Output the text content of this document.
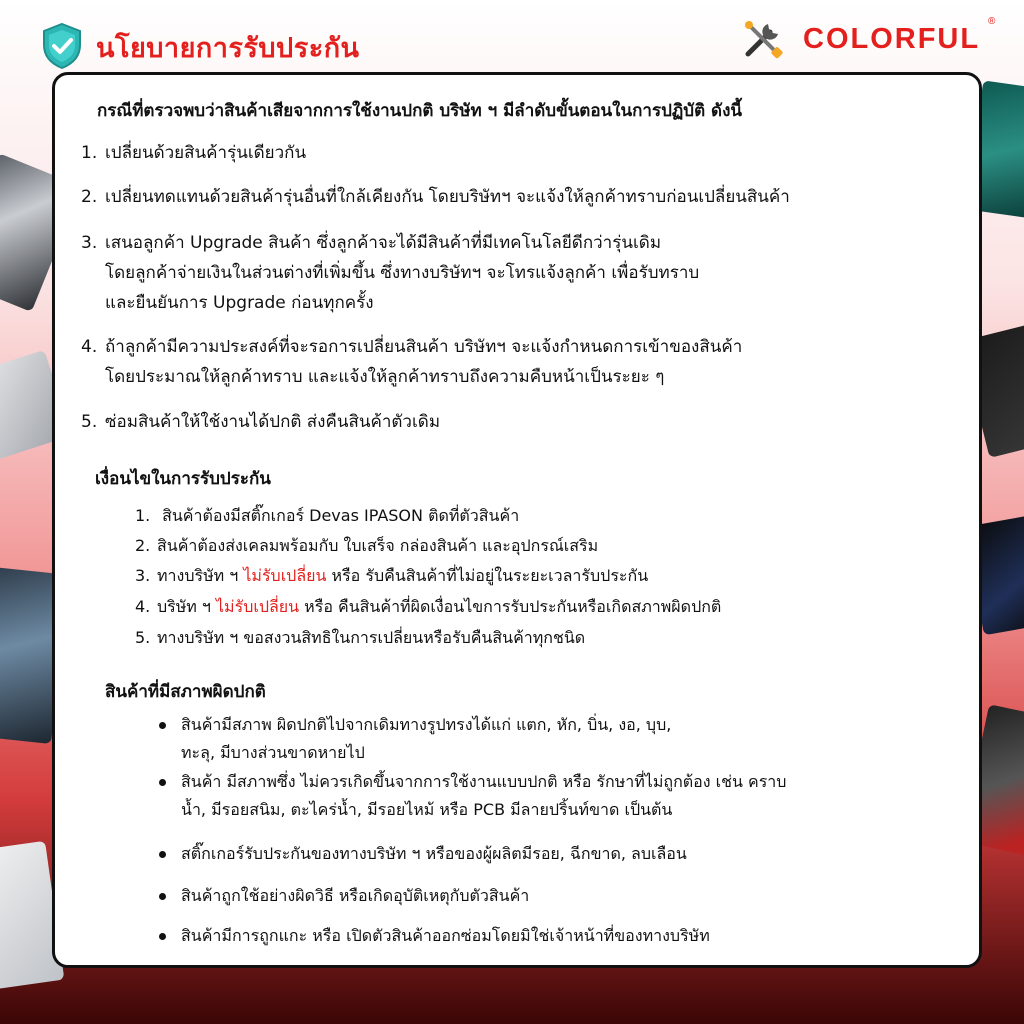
นโยบายการรับประกัน	COLORFUL
®
กรณีที่ตรวจพบว่าสินค้าเสียจากการใช้งานปกติ บริษัท ฯ มีลำดับขั้นตอนในการปฏิบัติ ดังนี้
1. เปลี่ยนด้วยสินค้ารุ่นเดียวกัน
2. เปลี่ยนทดแทนด้วยสินค้ารุ่นอื่นที่ใกล้เคียงกัน โดยบริษัทฯ จะแจ้งให้ลูกค้าทราบก่อนเปลี่ยนสินค้า
3. เสนอลูกค้า Upgrade สินค้า ซึ่งลูกค้าจะได้มีสินค้าที่มีเทคโนโลยีดีกว่ารุ่นเดิม
โดยลูกค้าจ่ายเงินในส่วนต่างที่เพิ่มขึ้น ซึ่งทางบริษัทฯ จะโทรแจ้งลูกค้า เพื่อรับทราบ
และยืนยันการ Upgrade ก่อนทุกครั้ง
4. ถ้าลูกค้ามีความประสงค์ที่จะรอการเปลี่ยนสินค้า บริษัทฯ จะแจ้งกำหนดการเข้าของสินค้า
โดยประมาณให้ลูกค้าทราบ และแจ้งให้ลูกค้าทราบถึงความคืบหน้าเป็นระยะ ๆ
5. ซ่อมสินค้าให้ใช้งานได้ปกติ ส่งคืนสินค้าตัวเดิม
เงื่อนไขในการรับประกัน
1. สินค้าต้องมีสติ๊กเกอร์ Devas IPASON ติดที่ตัวสินค้า
2. สินค้าต้องส่งเคลมพร้อมกับ ใบเสร็จ กล่องสินค้า และอุปกรณ์เสริม
3. ทางบริษัท ฯ ไม่รับเปลี่ยน หรือ รับคืนสินค้าที่ไม่อยู่ในระยะเวลารับประกัน
4. บริษัท ฯ ไม่รับเปลี่ยน หรือ คืนสินค้าที่ผิดเงื่อนไขการรับประกันหรือเกิดสภาพผิดปกติ
5. ทางบริษัท ฯ ขอสงวนสิทธิในการเปลี่ยนหรือรับคืนสินค้าทุกชนิด
สินค้าที่มีสภาพผิดปกติ
สินค้ามีสภาพ ผิดปกติไปจากเดิมทางรูปทรงได้แก่ แตก, หัก, บิ่น, งอ, บุบ,
ทะลุ, มีบางส่วนขาดหายไป
สินค้า มีสภาพซึ่ง ไม่ควรเกิดขึ้นจากการใช้งานแบบปกติ หรือ รักษาที่ไม่ถูกต้อง เช่น คราบ
น้ำ, มีรอยสนิม, ตะไคร่น้ำ, มีรอยไหม้ หรือ PCB มีลายปริ้นท์ขาด เป็นต้น
สติ๊กเกอร์รับประกันของทางบริษัท ฯ หรือของผู้ผลิตมีรอย, ฉีกขาด, ลบเลือน
สินค้าถูกใช้อย่างผิดวิธี หรือเกิดอุบัติเหตุกับตัวสินค้า
สินค้ามีการถูกแกะ หรือ เปิดตัวสินค้าออกซ่อมโดยมิใช่เจ้าหน้าที่ของทางบริษัท
